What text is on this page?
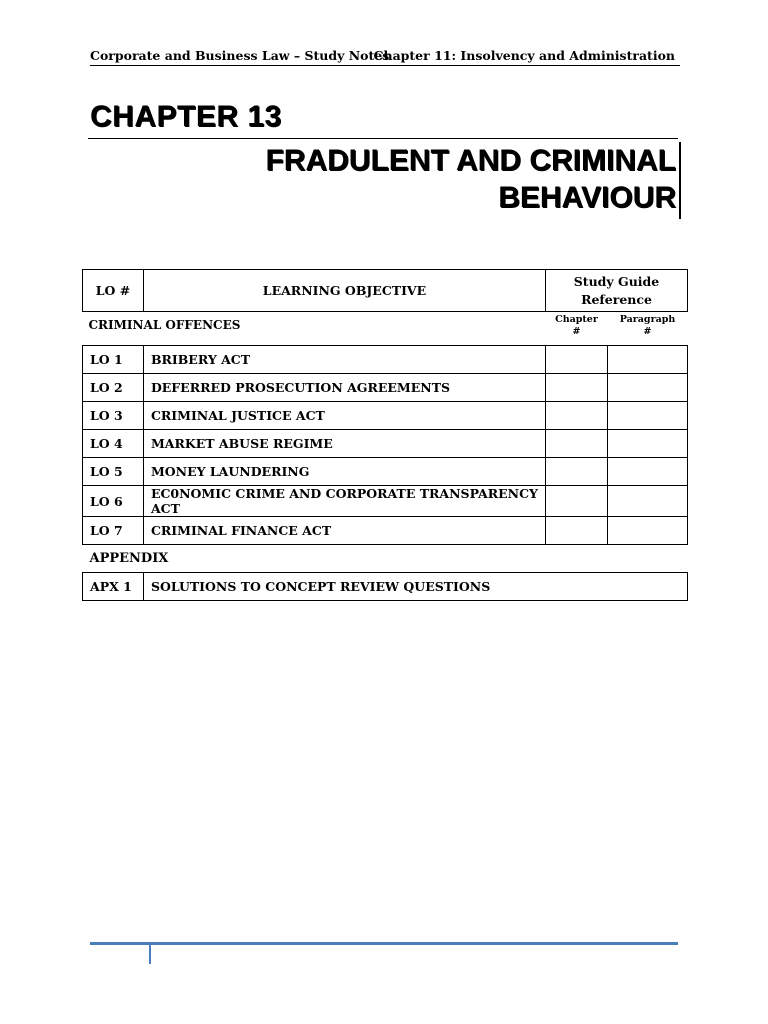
Corporate and Business Law – Study Notes
Chapter 11: Insolvency and Administration
CHAPTER 13
FRADULENT AND CRIMINAL
BEHAVIOUR
LO #	LEARNING OBJECTIVE	Study Guide Reference	
CRIMINAL OFFENCES		Chapter #	Paragraph #
LO 1	BRIBERY ACT		
LO 2	DEFERRED PROSECUTION AGREEMENTS		
LO 3	CRIMINAL JUSTICE ACT		
LO 4	MARKET ABUSE REGIME		
LO 5	MONEY LAUNDERING		
LO 6	EC0NOMIC CRIME AND CORPORATE TRANSPARENCY ACT		
LO 7	CRIMINAL FINANCE ACT		
APPENDIX			
APX 1	SOLUTIONS TO CONCEPT REVIEW QUESTIONS		
